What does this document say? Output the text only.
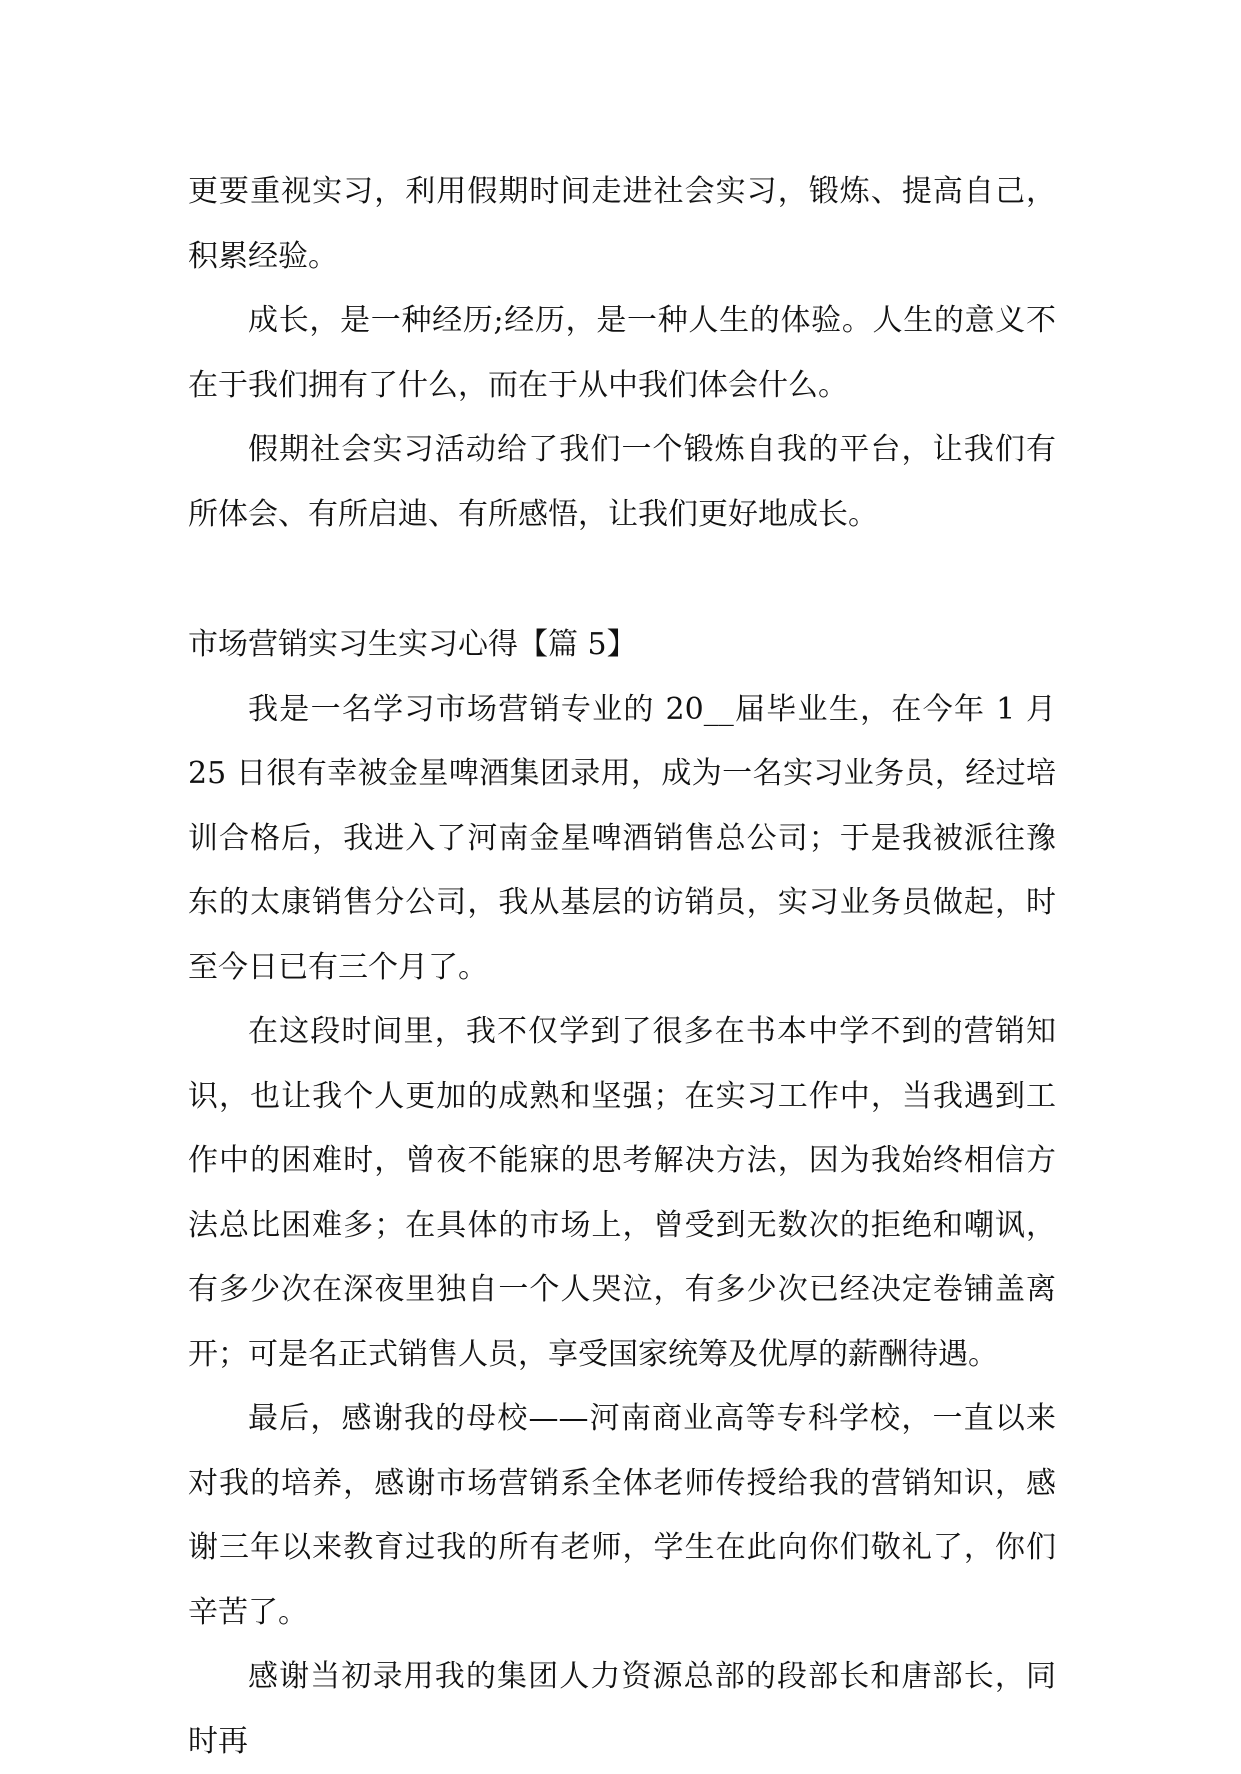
更要重视实习，利用假期时间走进社会实习，锻炼、提高自己，积累经验。

成长，是一种经历;经历，是一种人生的体验。人生的意义不在于我们拥有了什么，而在于从中我们体会什么。

假期社会实习活动给了我们一个锻炼自我的平台，让我们有所体会、有所启迪、有所感悟，让我们更好地成长。

市场营销实习生实习心得【篇 5】

我是一名学习市场营销专业的 20__届毕业生，在今年 1 月 25 日很有幸被金星啤酒集团录用，成为一名实习业务员，经过培训合格后，我进入了河南金星啤酒销售总公司；于是我被派往豫东的太康销售分公司，我从基层的访销员，实习业务员做起，时至今日已有三个月了。

在这段时间里，我不仅学到了很多在书本中学不到的营销知识，也让我个人更加的成熟和坚强；在实习工作中，当我遇到工作中的困难时，曾夜不能寐的思考解决方法，因为我始终相信方法总比困难多；在具体的市场上，曾受到无数次的拒绝和嘲讽，有多少次在深夜里独自一个人哭泣，有多少次已经决定卷铺盖离开；可是名正式销售人员，享受国家统筹及优厚的薪酬待遇。

最后，感谢我的母校——河南商业高等专科学校，一直以来对我的培养，感谢市场营销系全体老师传授给我的营销知识，感谢三年以来教育过我的所有老师，学生在此向你们敬礼了，你们辛苦了。

感谢当初录用我的集团人力资源总部的段部长和唐部长，同时再
